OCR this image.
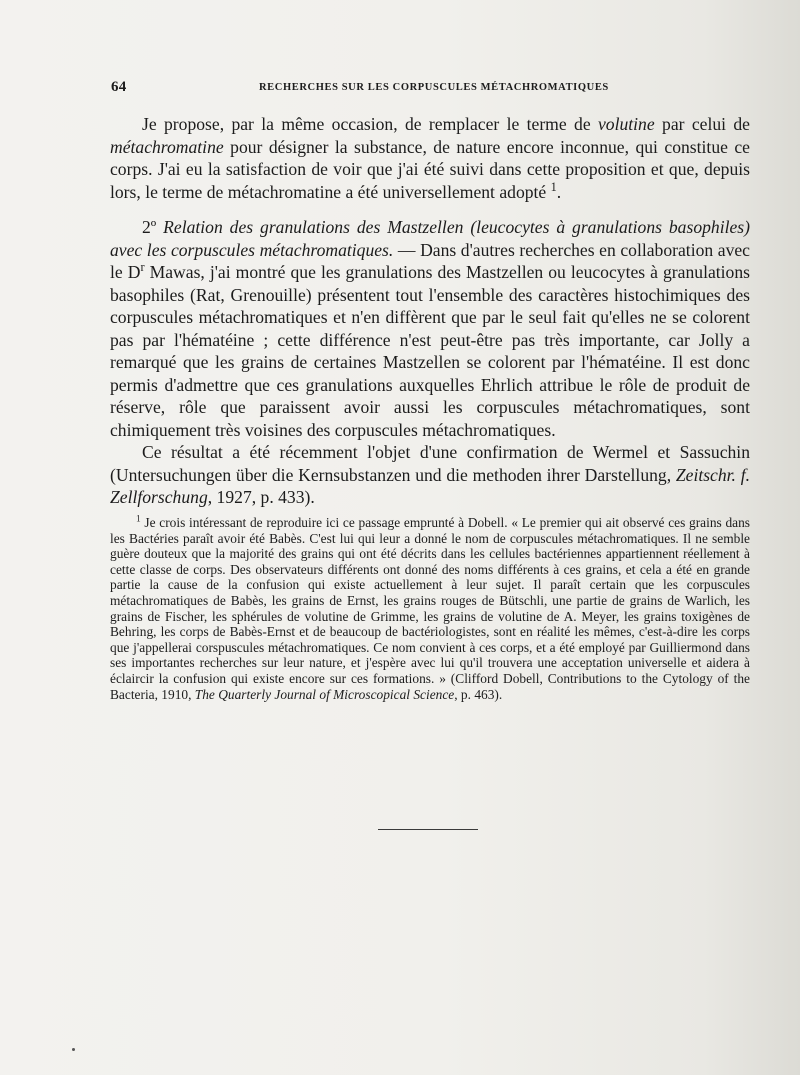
64	RECHERCHES SUR LES CORPUSCULES MÉTACHROMATIQUES

Je propose, par la même occasion, de remplacer le terme de volutine par celui de métachromatine pour désigner la substance, de nature encore inconnue, qui constitue ce corps. J'ai eu la satisfaction de voir que j'ai été suivi dans cette proposition et que, depuis lors, le terme de métachromatine a été universellement adopté $^1$.

2º Relation des granulations des Mastzellen (leucocytes à granulations basophiles) avec les corpuscules métachromatiques. — Dans d'autres recherches en collaboration avec le $D^r$ Mawas, j'ai montré que les granulations des Mastzellen ou leucocytes à granulations basophiles (Rat, Grenouille) présentent tout l'ensemble des caractères histochimiques des corpuscules métachromatiques et n'en diffèrent que par le seul fait qu'elles ne se colorent pas par l'hématéine ; cette différence n'est peut-être pas très importante, car Jolly a remarqué que les grains de certaines Mastzellen se colorent par l'hématéine. Il est donc permis d'admettre que ces granulations auxquelles Ehrlich attribue le rôle de produit de réserve, rôle que paraissent avoir aussi les corpuscules métachromatiques, sont chimiquement très voisines des corpuscules métachromatiques.

Ce résultat a été récemment l'objet d'une confirmation de Wermel et Sassuchin (Untersuchungen über die Kernsubstanzen und die methoden ihrer Darstellung, Zeitschr. f. Zellforschung, 1927, p. 433).

$^1$ Je crois intéressant de reproduire ici ce passage emprunté à Dobell. « Le premier qui ait observé ces grains dans les Bactéries paraît avoir été Babès. C'est lui qui leur a donné le nom de corpuscules métachromatiques. Il ne semble guère douteux que la majorité des grains qui ont été décrits dans les cellules bactériennes appartiennent réellement à cette classe de corps. Des observateurs différents ont donné des noms différents à ces grains, et cela a été en grande partie la cause de la confusion qui existe actuellement à leur sujet. Il paraît certain que les corpuscules métachromatiques de Babès, les grains de Ernst, les grains rouges de Bütschli, une partie de grains de Warlich, les grains de Fischer, les sphérules de volutine de Grimme, les grains de volutine de A. Meyer, les grains toxigènes de Behring, les corps de Babès-Ernst et de beaucoup de bactériologistes, sont en réalité les mêmes, c'est-à-dire les corps que j'appellerai corspuscules métachromatiques. Ce nom convient à ces corps, et a été employé par Guilliermond dans ses importantes recherches sur leur nature, et j'espère avec lui qu'il trouvera une acceptation universelle et aidera à éclaircir la confusion qui existe encore sur ces formations. » (Clifford Dobell, Contributions to the Cytology of the Bacteria, 1910, The Quarterly Journal of Microscopical Science, p. 463).
